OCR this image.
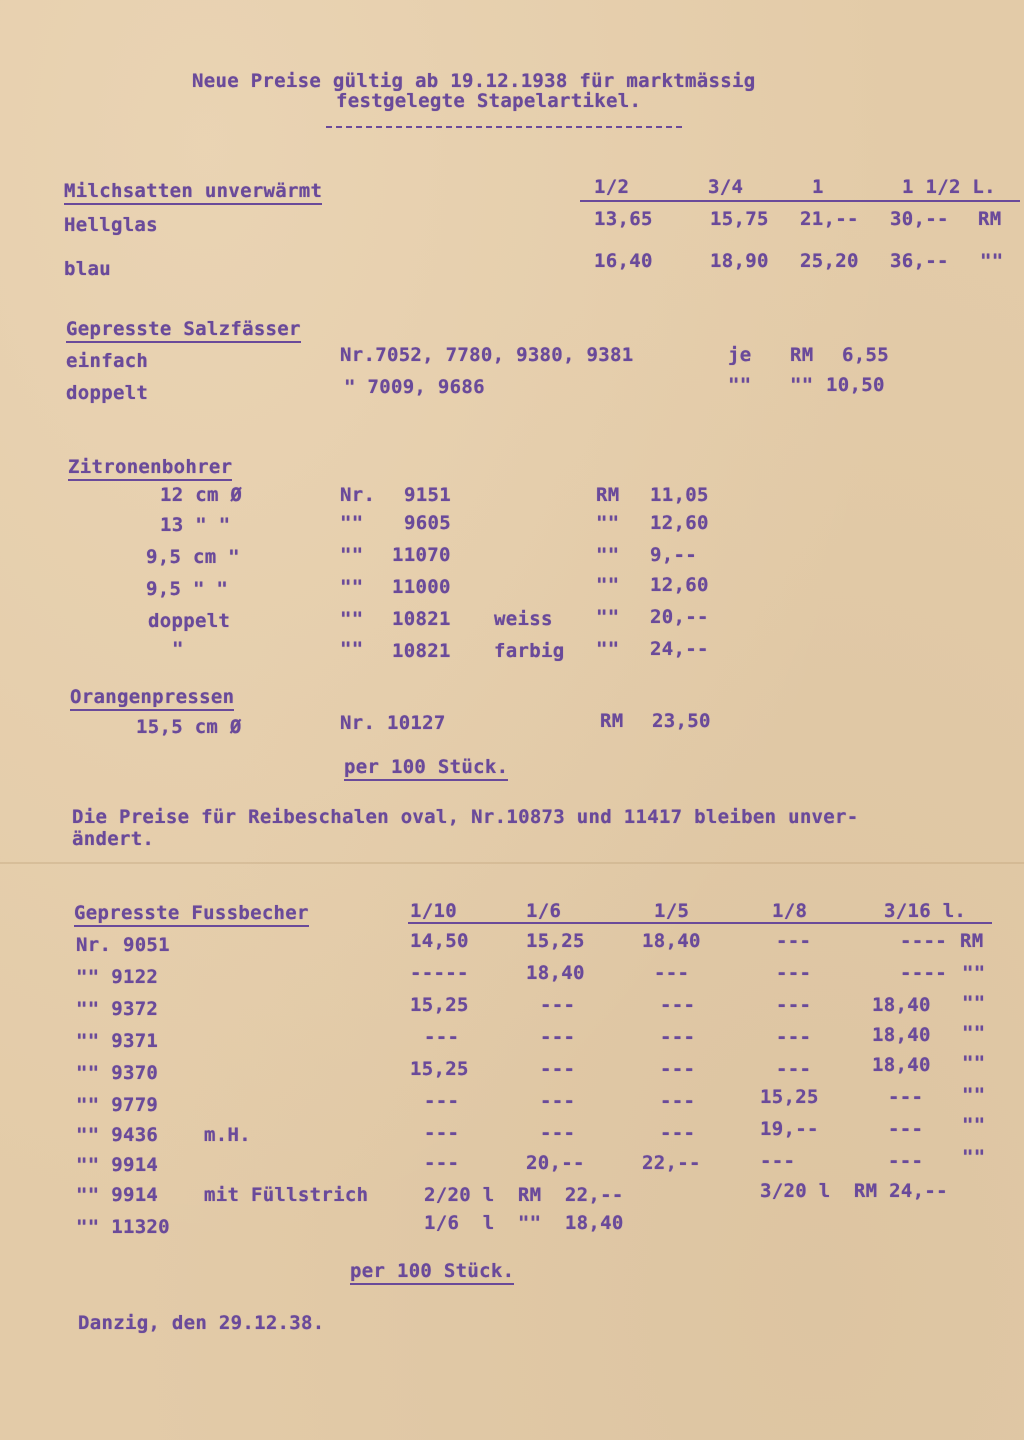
Neue Preise gültig ab 19.12.1938 für marktmässig
festgelegte Stapelartikel.
Milchsatten unverwärmt	1/2	3/4	1	1 1/2 L.
Hellglas	13,65	15,75 21,-- 30,-- RM
blau	16,40	18,90 25,20 36,-- ""
Gepresste Salzfässer
einfach	Nr.7052, 7780, 9380, 9381	je RM 6,55
doppelt	" 7009, 9686	"" "" 10,50
Zitronenbohrer
12 cm Ø	Nr. 9151	RM 11,05
13 " "	"" 9605	"" 12,60
9,5 cm "	"" 11070	"" 9,--
9,5 " "	"" 11000	"" 12,60
doppelt	"" 10821 weiss "" 20,--
"	"" 10821 farbig "" 24,--
Orangenpressen
15,5 cm Ø	Nr. 10127	RM 23,50
per 100 Stück.
Die Preise für Reibeschalen oval, Nr.10873 und 11417 bleiben unver-
ändert.
Gepresste Fussbecher	1/10	1/6	1/5	1/8	3/16 l.
Nr. 9051	14,50	15,25	18,40	---	---- RM
"" 9122	-----	18,40	---	---	---- ""
"" 9372	15,25	---	---	---	18,40 ""
"" 9371	---	---	---	---	18,40 ""
"" 9370	15,25	---	---	---	18,40 ""
"" 9779	---	---	---	15,25	--- ""
"" 9436 m.H.	---	---	---	19,--	--- ""
"" 9914	---	20,--	22,--	---	--- ""
"" 9914 mit Füllstrich	2/20 l  RM  22,--	3/20 l  RM 24,--
"" 11320	1/6  l  ""  18,40
per 100 Stück.
Danzig, den 29.12.38.
